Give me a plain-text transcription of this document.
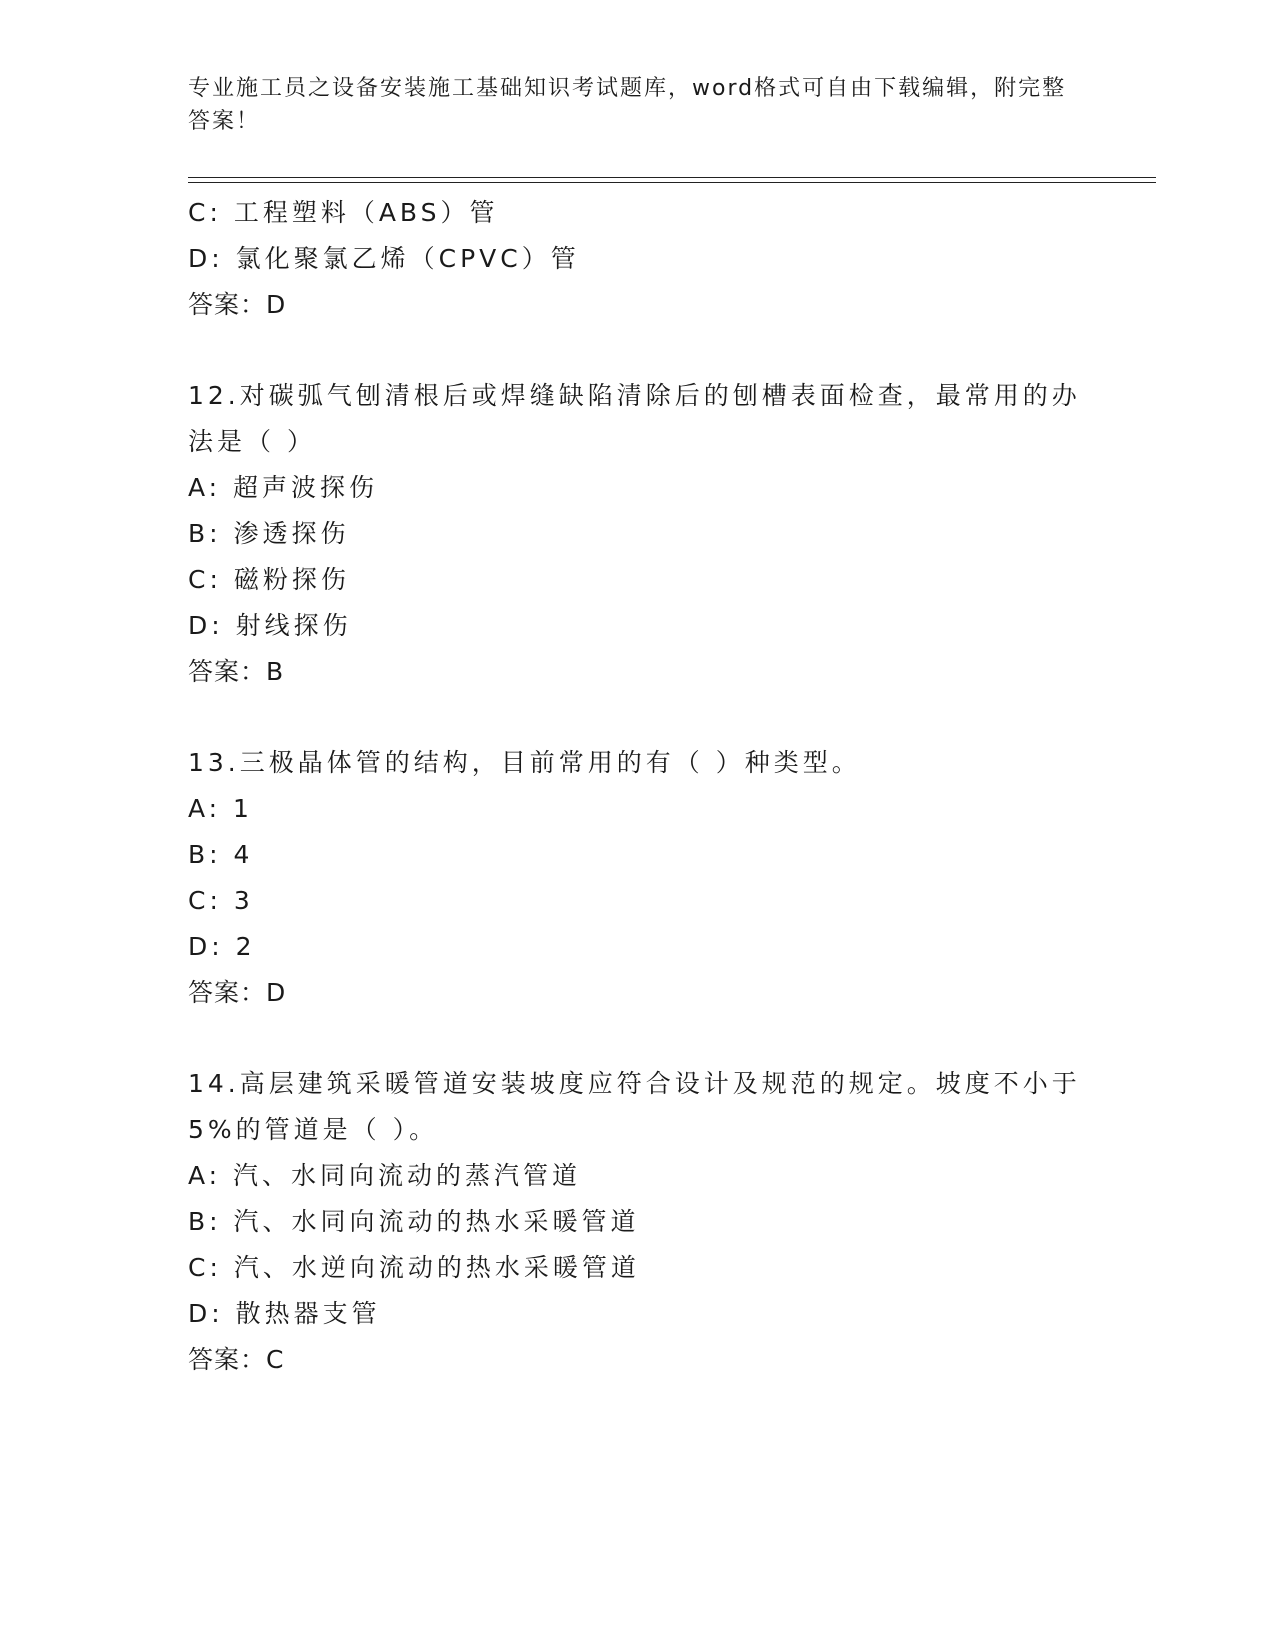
专业施工员之设备安装施工基础知识考试题库，word格式可自由下载编辑，附完整答案！
C: 工程塑料（ABS）管
D: 氯化聚氯乙烯（CPVC）管
答案：D
12.对碳弧气刨清根后或焊缝缺陷清除后的刨槽表面检查，最常用的办法是（ ）
A: 超声波探伤
B: 渗透探伤
C: 磁粉探伤
D: 射线探伤
答案：B
13.三极晶体管的结构，目前常用的有（ ）种类型。
A: 1
B: 4
C: 3
D: 2
答案：D
14.高层建筑采暖管道安装坡度应符合设计及规范的规定。坡度不小于5%的管道是（ ）。
A: 汽、水同向流动的蒸汽管道
B: 汽、水同向流动的热水采暖管道
C: 汽、水逆向流动的热水采暖管道
D: 散热器支管
答案：C
